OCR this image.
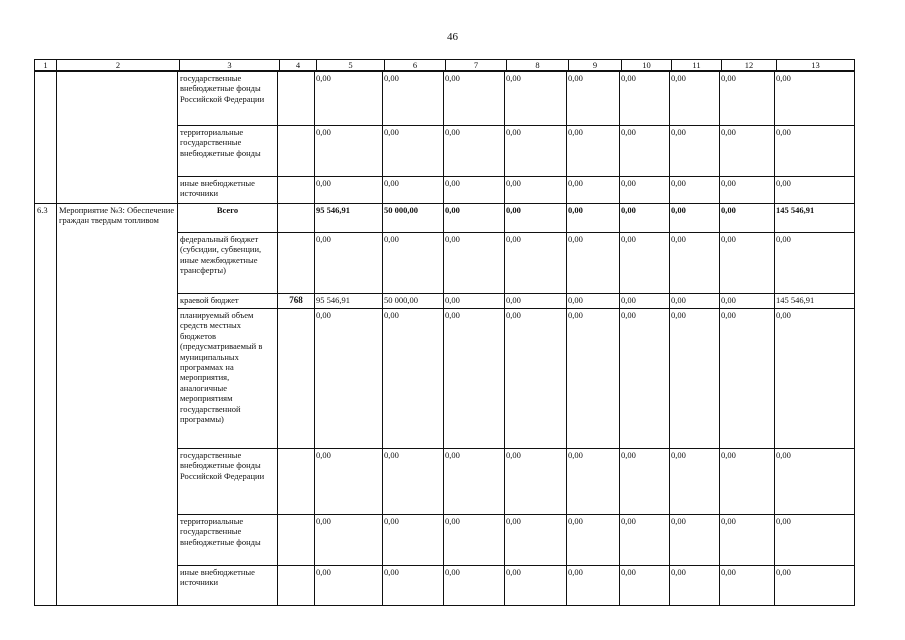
46
1	2	3	4	5	6	7	8	9	10	11	12	13
		государственные внебюджетные фонды Российской Федерации		0,00	0,00	0,00	0,00	0,00	0,00	0,00	0,00	0,00
		территориальные государственные внебюджетные фонды		0,00	0,00	0,00	0,00	0,00	0,00	0,00	0,00	0,00
		иные внебюджетные источники		0,00	0,00	0,00	0,00	0,00	0,00	0,00	0,00	0,00
6.3	Мероприятие №3: Обеспечение граждан твердым топливом	Всего		95 546,91	50 000,00	0,00	0,00	0,00	0,00	0,00	0,00	145 546,91
		федеральный бюджет (субсидии, субвенции, иные межбюджетные трансферты)		0,00	0,00	0,00	0,00	0,00	0,00	0,00	0,00	0,00
		краевой бюджет	768	95 546,91	50 000,00	0,00	0,00	0,00	0,00	0,00	0,00	145 546,91
		планируемый объем средств местных бюджетов (предусматриваемый в муниципальных программах на мероприятия, аналогичные мероприятиям государственной программы)		0,00	0,00	0,00	0,00	0,00	0,00	0,00	0,00	0,00
		государственные внебюджетные фонды Российской Федерации		0,00	0,00	0,00	0,00	0,00	0,00	0,00	0,00	0,00
		территориальные государственные внебюджетные фонды		0,00	0,00	0,00	0,00	0,00	0,00	0,00	0,00	0,00
		иные внебюджетные источники		0,00	0,00	0,00	0,00	0,00	0,00	0,00	0,00	0,00
